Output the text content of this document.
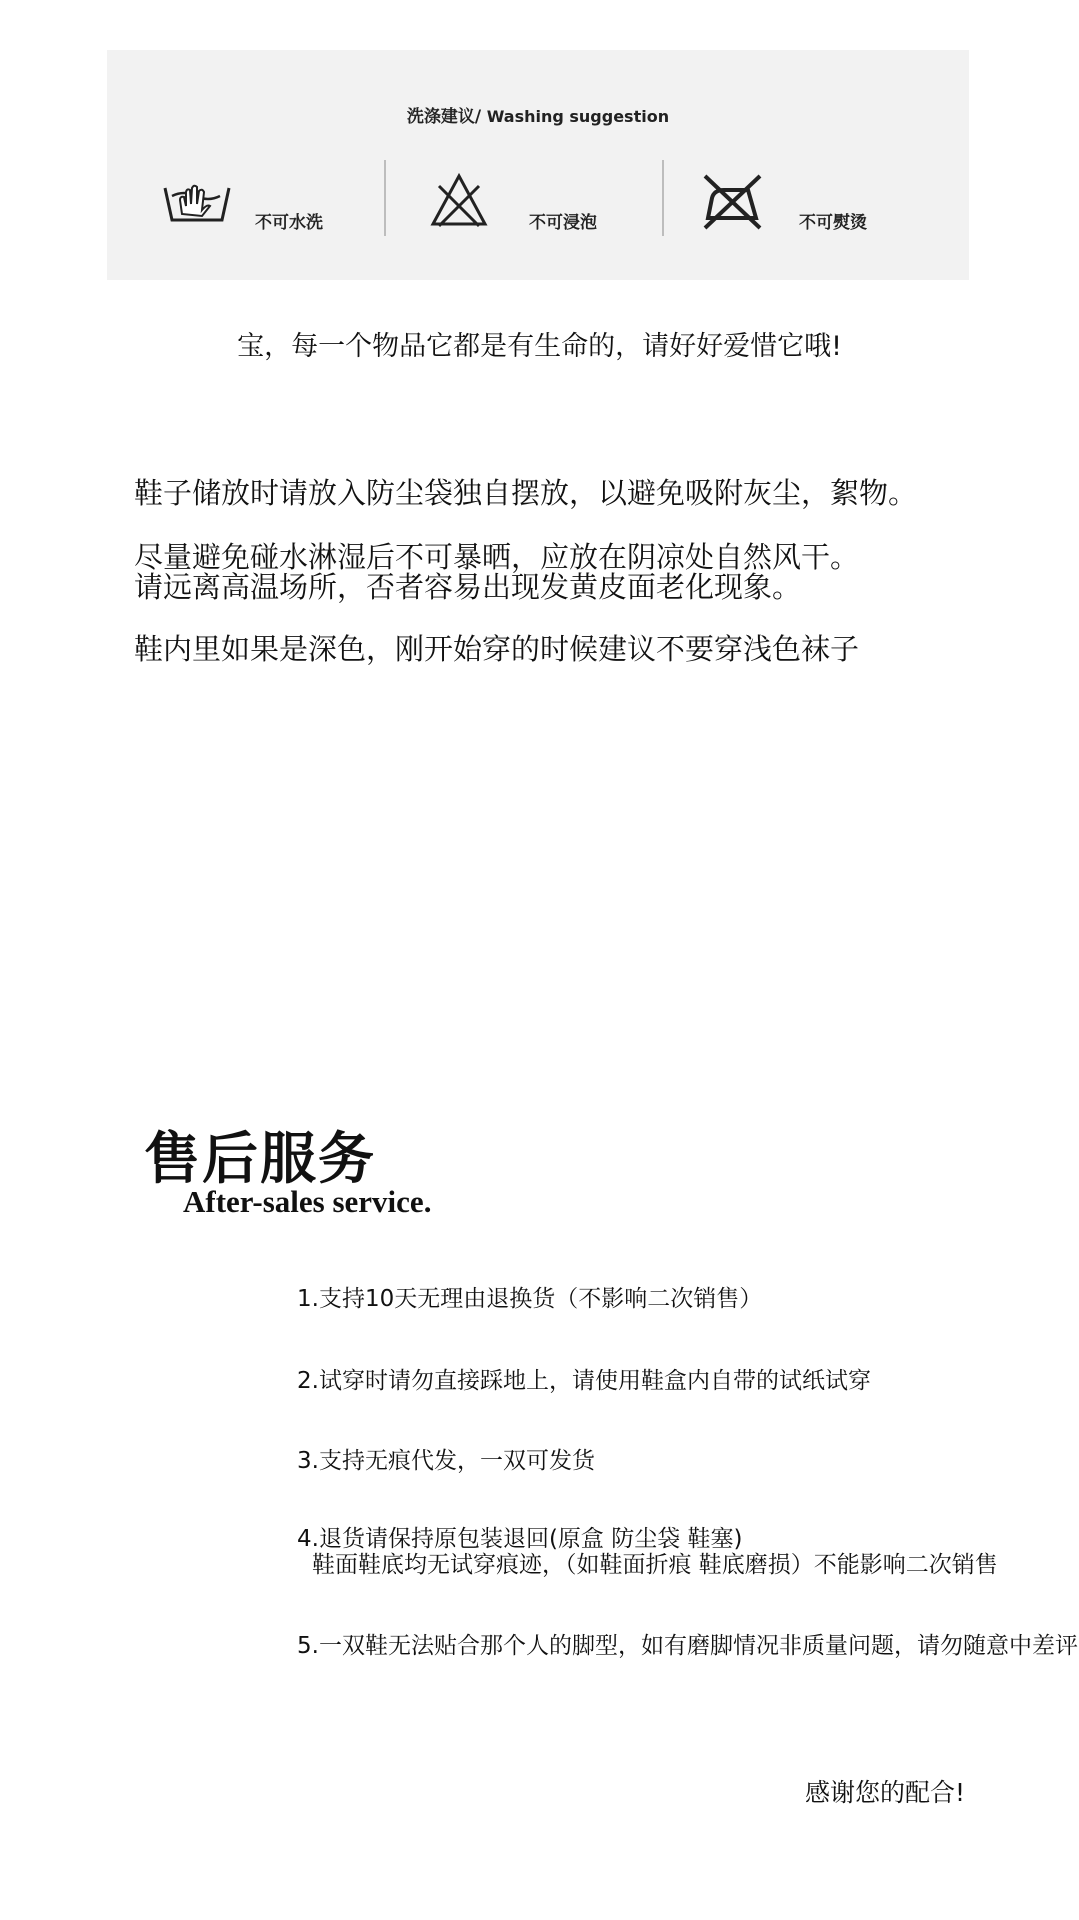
洗涤建议/ Washing suggestion
不可水洗	不可浸泡	不可熨烫
宝，每一个物品它都是有生命的，请好好爱惜它哦!
鞋子储放时请放入防尘袋独自摆放，以避免吸附灰尘，絮物。
尽量避免碰水淋湿后不可暴晒，应放在阴凉处自然风干。
请远离高温场所，否者容易出现发黄皮面老化现象。
鞋内里如果是深色，刚开始穿的时候建议不要穿浅色袜子
售后服务
After-sales service.
1.支持10天无理由退换货（不影响二次销售）
2.试穿时请勿直接踩地上，请使用鞋盒内自带的试纸试穿
3.支持无痕代发，一双可发货
4.退货请保持原包装退回(原盒 防尘袋 鞋塞)
鞋面鞋底均无试穿痕迹，（如鞋面折痕 鞋底磨损）不能影响二次销售
5.一双鞋无法贴合那个人的脚型，如有磨脚情况非质量问题，请勿随意中差评
感谢您的配合!
